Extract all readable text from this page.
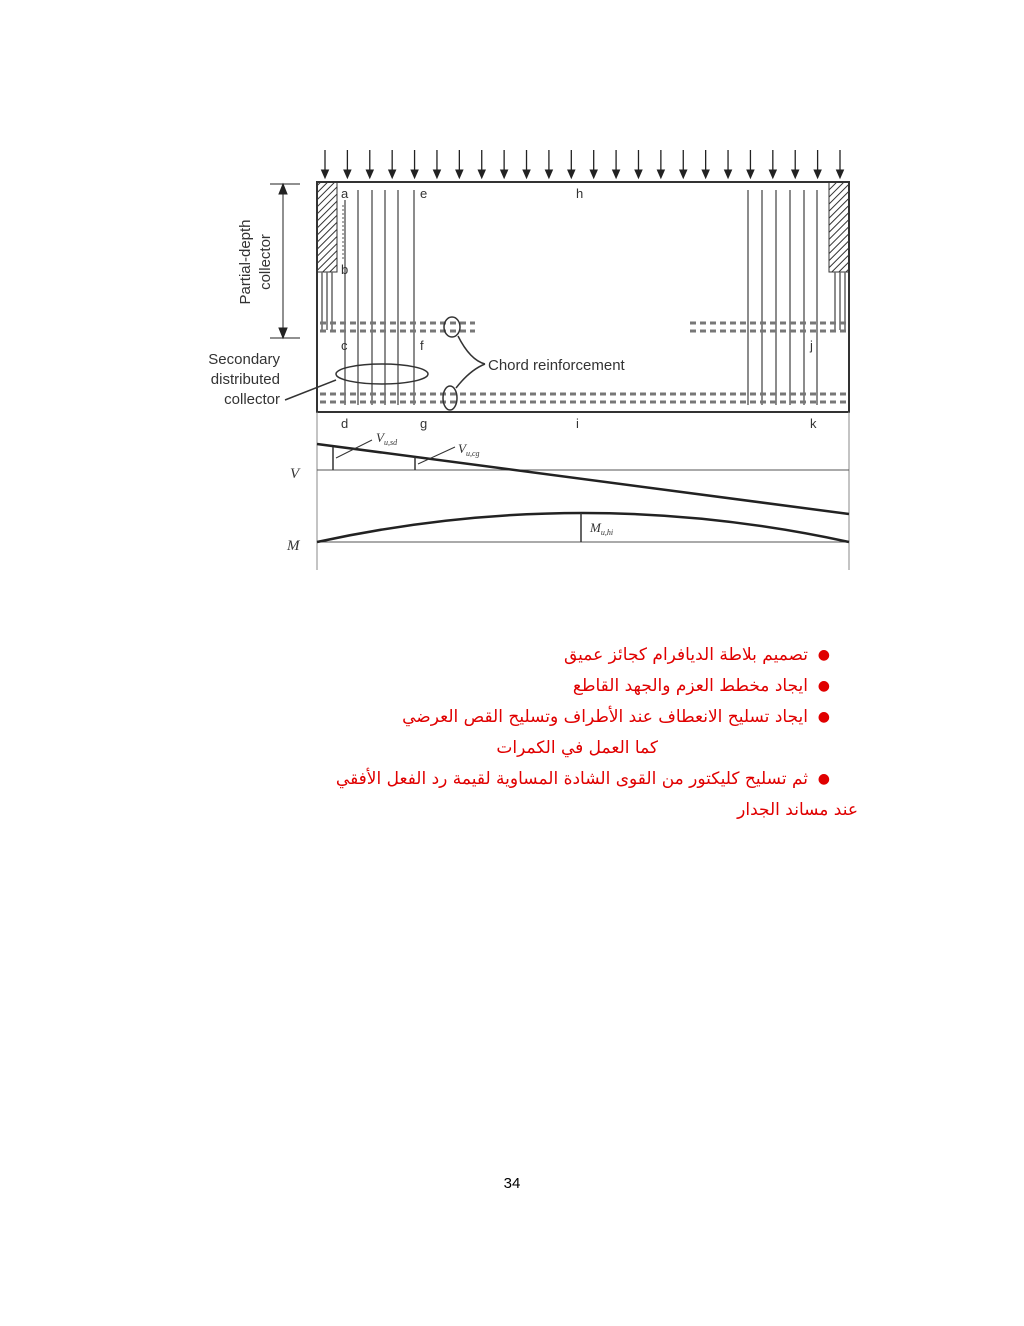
Partial-depth collector
Secondary
distributed
collector
Chord reinforcement
a	e	h
b
c	f	j
d	g	i	k
V
$V_{u,sd}$	$V_{u,cg}$
M
$M_{u,hi}$
●
تصميم بلاطة الديافرام كجائز عميق
●
ايجاد مخطط العزم والجهد القاطع
●
ايجاد تسليح الانعطاف عند الأطراف وتسليح القص العرضي
كما العمل في الكمرات
●
ثم تسليح كليكتور من القوى الشادة المساوية لقيمة رد الفعل الأفقي
عند مساند الجدار
34
